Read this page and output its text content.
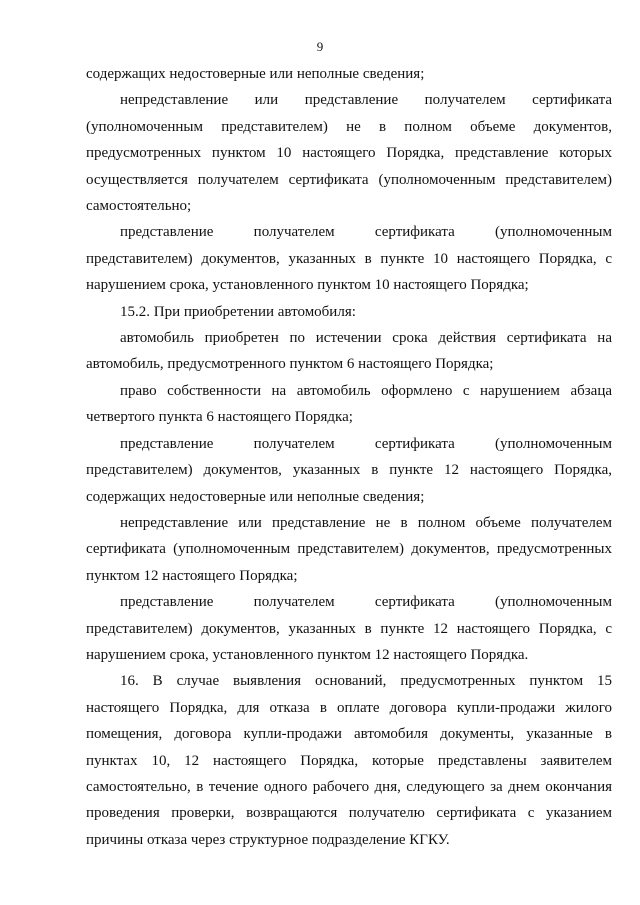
9

содержащих недостоверные или неполные сведения;

непредставление или представление получателем сертификата (уполномоченным представителем) не в полном объеме документов, предусмотренных пунктом 10 настоящего Порядка, представление которых осуществляется получателем сертификата (уполномоченным представителем) самостоятельно;

представление получателем сертификата (уполномоченным представителем) документов, указанных в пункте 10 настоящего Порядка, с нарушением срока, установленного пунктом 10 настоящего Порядка;

15.2. При приобретении автомобиля:

автомобиль приобретен по истечении срока действия сертификата на автомобиль, предусмотренного пунктом 6 настоящего Порядка;

право собственности на автомобиль оформлено с нарушением абзаца четвертого пункта 6 настоящего Порядка;

представление получателем сертификата (уполномоченным представителем) документов, указанных в пункте 12 настоящего Порядка, содержащих недостоверные или неполные сведения;

непредставление или представление не в полном объеме получателем сертификата (уполномоченным представителем) документов, предусмотренных пунктом 12 настоящего Порядка;

представление получателем сертификата (уполномоченным представителем) документов, указанных в пункте 12 настоящего Порядка, с нарушением срока, установленного пунктом 12 настоящего Порядка.

16. В случае выявления оснований, предусмотренных пунктом 15 настоящего Порядка, для отказа в оплате договора купли-продажи жилого помещения, договора купли-продажи автомобиля документы, указанные в пунктах 10, 12 настоящего Порядка, которые представлены заявителем самостоятельно, в течение одного рабочего дня, следующего за днем окончания проведения проверки, возвращаются получателю сертификата с указанием причины отказа через структурное подразделение КГКУ.
